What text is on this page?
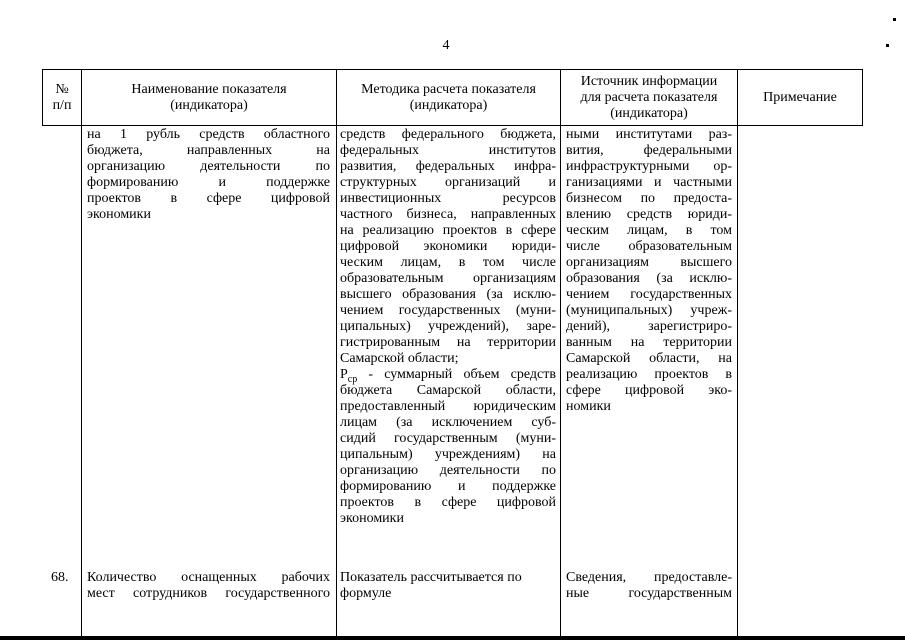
4
№
п/п
Наименование показателя
(индикатора)
Методика расчета показателя
(индикатора)
Источник информации
для расчета показателя
(индикатора)
Примечание
на 1 рубль средств областного
бюджета, направленных на
организацию деятельности по
формированию и поддержке
проектов в сфере цифровой
экономики
средств федерального бюджета,
федеральных институтов
развития, федеральных инфра-
структурных организаций и
инвестиционных ресурсов
частного бизнеса, направленных
на реализацию проектов в сфере
цифровой экономики юриди-
ческим лицам, в том числе
образовательным организациям
высшего образования (за исклю-
чением государственных (муни-
ципальных) учреждений), заре-
гистрированным на территории
Самарской области;
$Р_{ср}$ - суммарный объем средств
бюджета Самарской области,
предоставленный юридическим
лицам (за исключением суб-
сидий государственным (муни-
ципальным) учреждениям) на
организацию деятельности по
формированию и поддержке
проектов в сфере цифровой
экономики
ными институтами раз-
вития, федеральными
инфраструктурными ор-
ганизациями и частными
бизнесом по предоста-
влению средств юриди-
ческим лицам, в том
числе образовательным
организациям высшего
образования (за исклю-
чением государственных
(муниципальных) учреж-
дений), зарегистриро-
ванным на территории
Самарской области, на
реализацию проектов в
сфере цифровой эко-
номики
68. Количество оснащенных рабочих
мест сотрудников государственного
Показатель рассчитывается по
формуле
Сведения, предоставле-
ные государственным
